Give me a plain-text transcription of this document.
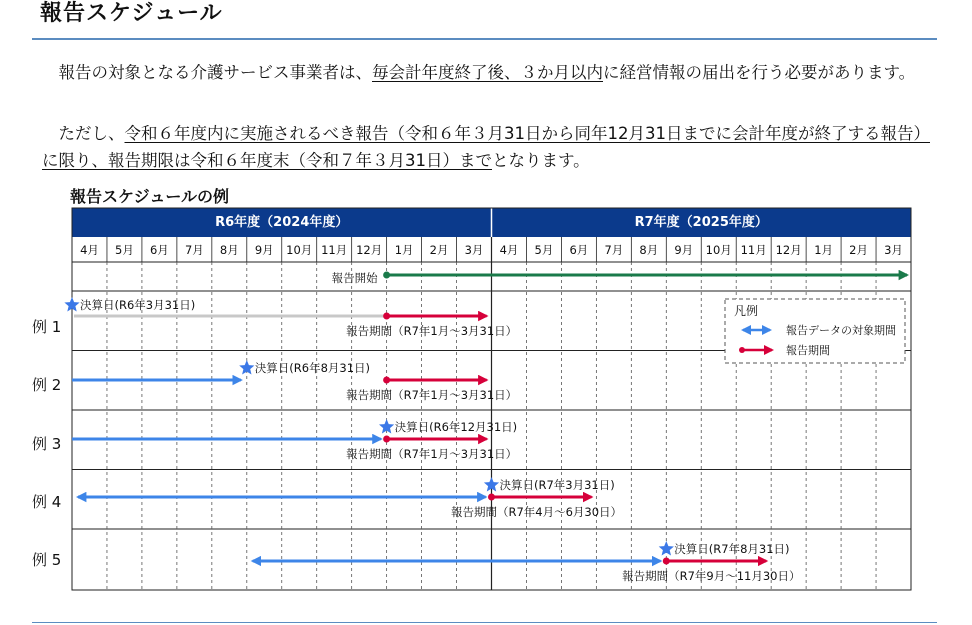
報告スケジュール
　報告の対象となる介護サービス事業者は、毎会計年度終了後、３か月以内に経営情報の届出を行う必要があります。
　ただし、令和６年度内に実施されるべき報告（令和６年３月31日から同年12月31日までに会計年度が終了する報告）に限り、報告期限は令和６年度末（令和７年３月31日）までとなります。
報告スケジュールの例
例 1
例 2
例 3
例 4
例 5
R6年度（2024年度）	R7年度（2025年度）
4月 5月 6月 7月 8月 9月 10月 11月 12月 1月 2月 3月 4月 5月 6月 7月 8月 9月 10月 11月 12月 1月 2月 3月
報告開始
決算日(R6年3月31日)
報告期間（R7年1月～3月31日）
決算日(R6年8月31日)
報告期間（R7年1月～3月31日）
決算日(R6年12月31日)
報告期間（R7年1月～3月31日）
決算日(R7年3月31日)
報告期間（R7年4月～6月30日）
決算日(R7年8月31日)
報告期間（R7年9月～11月30日）
凡例
報告データの対象期間
報告期間
